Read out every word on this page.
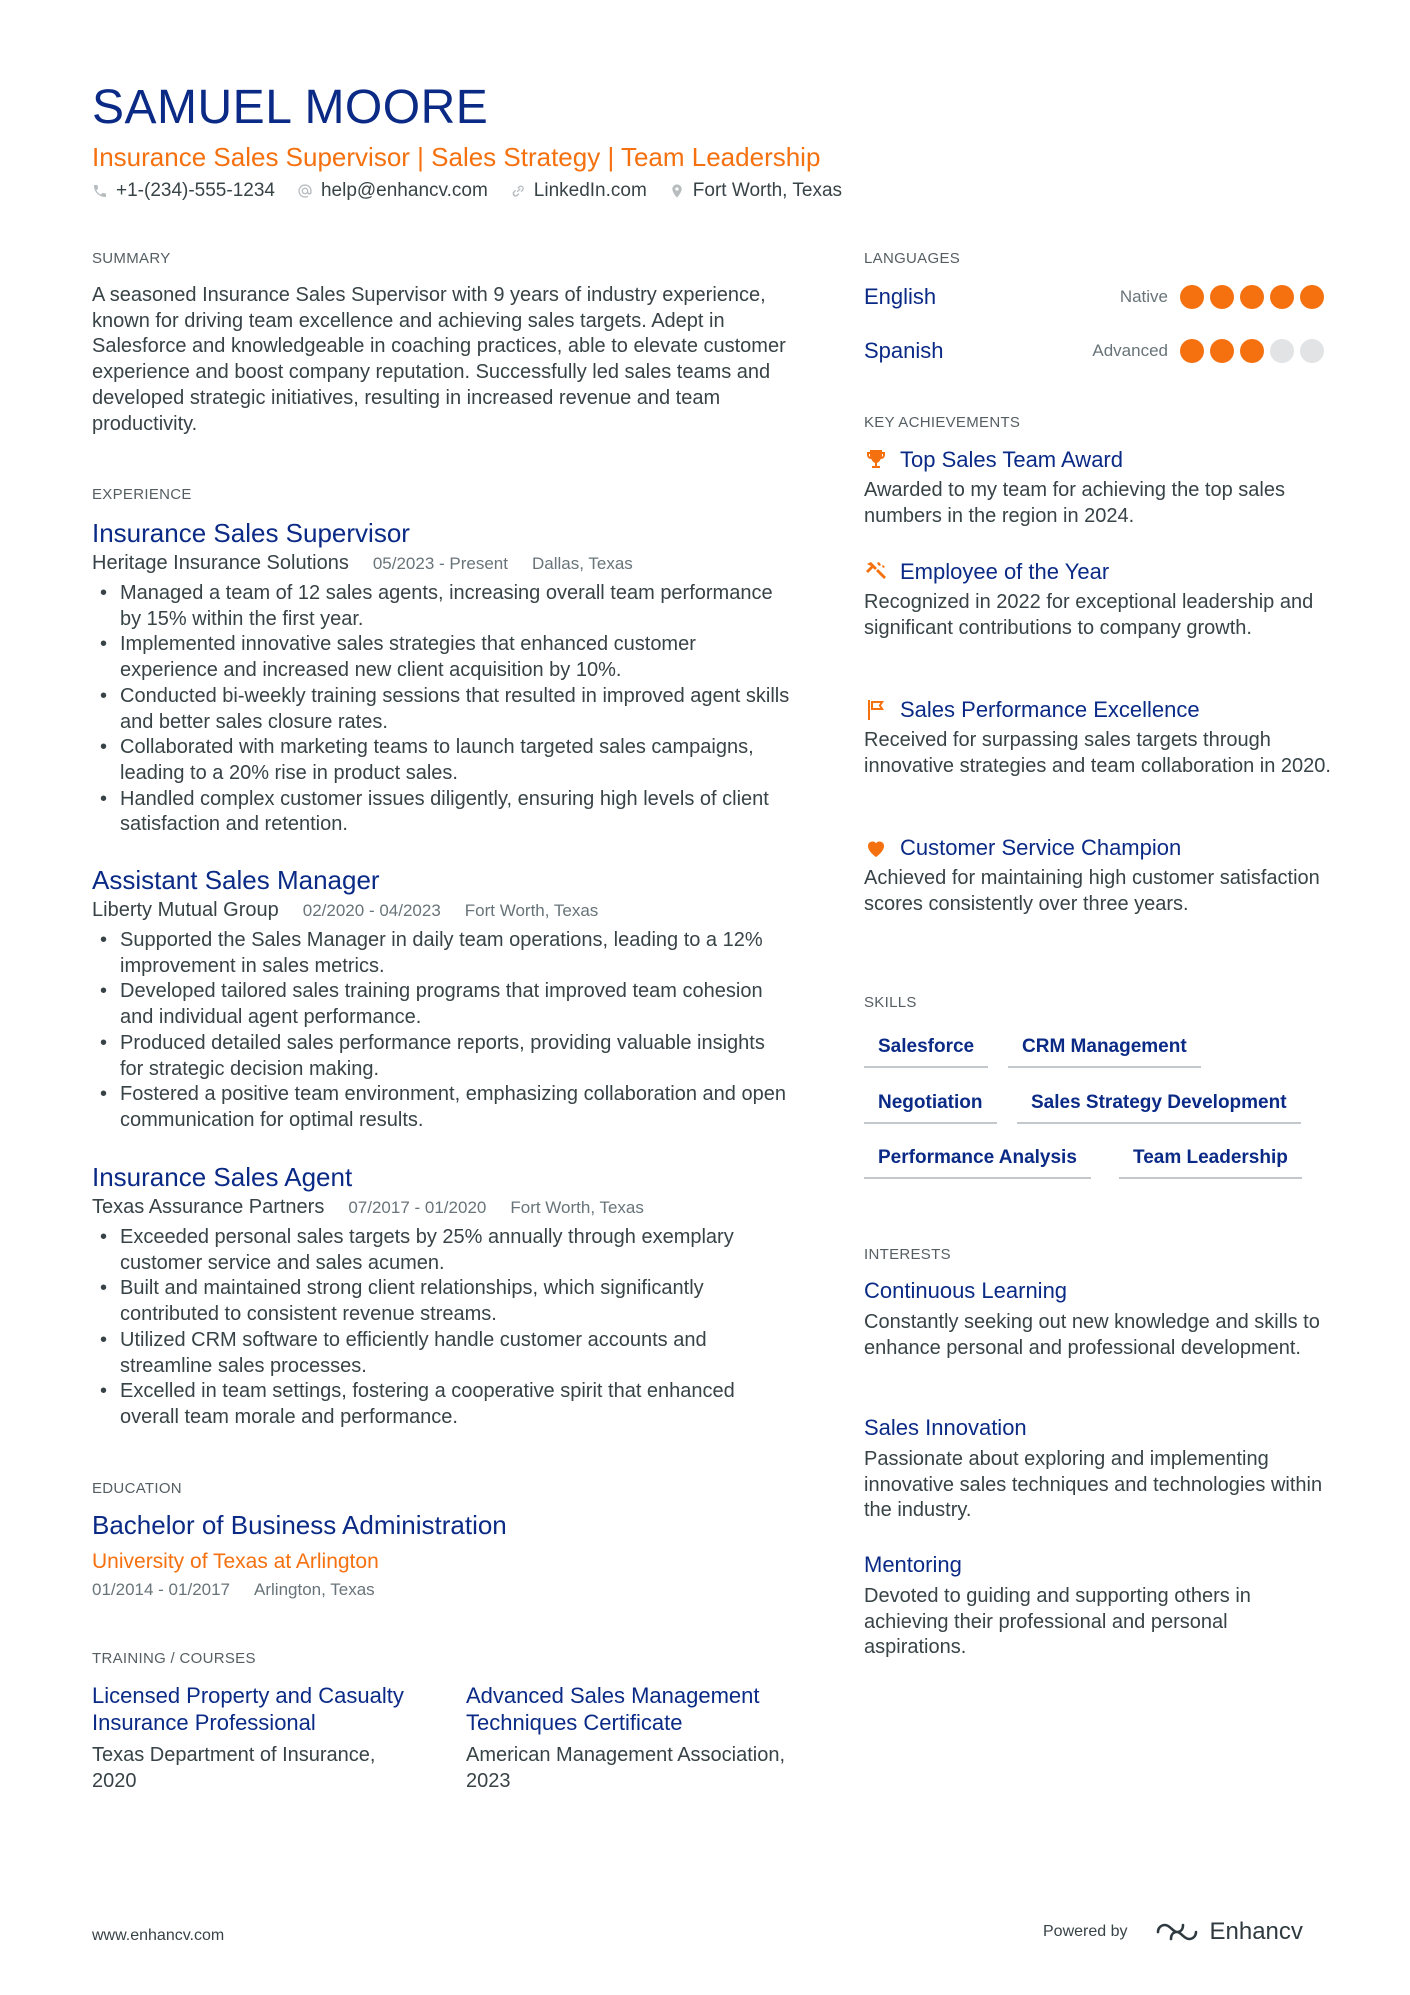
SAMUEL MOORE
Insurance Sales Supervisor | Sales Strategy | Team Leadership
+1-(234)-555-1234 help@enhancv.com LinkedIn.com Fort Worth, Texas
SUMMARY

A seasoned Insurance Sales Supervisor with 9 years of industry experience, known for driving team excellence and achieving sales targets. Adept in Salesforce and knowledgeable in coaching practices, able to elevate customer experience and boost company reputation. Successfully led sales teams and developed strategic initiatives, resulting in increased revenue and team productivity.

EXPERIENCE
Insurance Sales Supervisor
Heritage Insurance Solutions 05/2023 - Present Dallas, Texas
• Managed a team of 12 sales agents, increasing overall team performance by 15% within the first year.
• Implemented innovative sales strategies that enhanced customer experience and increased new client acquisition by 10%.
• Conducted bi-weekly training sessions that resulted in improved agent skills and better sales closure rates.
• Collaborated with marketing teams to launch targeted sales campaigns, leading to a 20% rise in product sales.
• Handled complex customer issues diligently, ensuring high levels of client satisfaction and retention.
Assistant Sales Manager
Liberty Mutual Group 02/2020 - 04/2023 Fort Worth, Texas
• Supported the Sales Manager in daily team operations, leading to a 12% improvement in sales metrics.
• Developed tailored sales training programs that improved team cohesion and individual agent performance.
• Produced detailed sales performance reports, providing valuable insights for strategic decision making.
• Fostered a positive team environment, emphasizing collaboration and open communication for optimal results.
Insurance Sales Agent
Texas Assurance Partners 07/2017 - 01/2020 Fort Worth, Texas
• Exceeded personal sales targets by 25% annually through exemplary customer service and sales acumen.
• Built and maintained strong client relationships, which significantly contributed to consistent revenue streams.
• Utilized CRM software to efficiently handle customer accounts and streamline sales processes.
• Excelled in team settings, fostering a cooperative spirit that enhanced overall team morale and performance.
EDUCATION
Bachelor of Business Administration
University of Texas at Arlington
01/2014 - 01/2017 Arlington, Texas
TRAINING / COURSES
Licensed Property and Casualty Insurance Professional
Texas Department of Insurance, 2020
Advanced Sales Management Techniques Certificate
American Management Association, 2023
LANGUAGES
English	Native
Spanish	Advanced
KEY ACHIEVEMENTS
Top Sales Team Award
Awarded to my team for achieving the top sales numbers in the region in 2024.
Employee of the Year
Recognized in 2022 for exceptional leadership and significant contributions to company growth.
Sales Performance Excellence
Received for surpassing sales targets through innovative strategies and team collaboration in 2020.
Customer Service Champion
Achieved for maintaining high customer satisfaction scores consistently over three years.
SKILLS
Salesforce	CRM Management
Negotiation	Sales Strategy Development
Performance Analysis	Team Leadership
INTERESTS
Continuous Learning
Constantly seeking out new knowledge and skills to enhance personal and professional development.
Sales Innovation
Passionate about exploring and implementing innovative sales techniques and technologies within the industry.
Mentoring
Devoted to guiding and supporting others in achieving their professional and personal aspirations.
www.enhancv.com	Powered by	Enhancv
